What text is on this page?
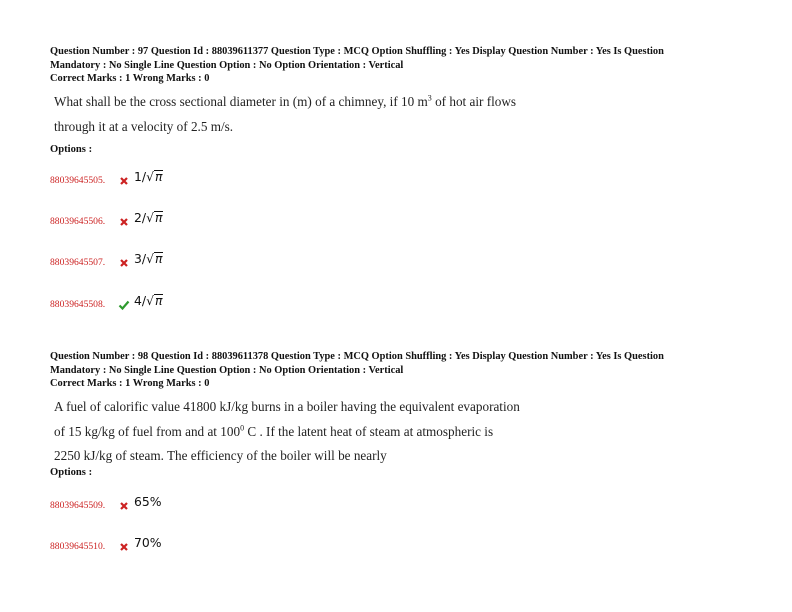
Question Number : 97 Question Id : 88039611377 Question Type : MCQ Option Shuffling : Yes Display Question Number : Yes Is Question
Mandatory : No Single Line Question Option : No Option Orientation : Vertical
Correct Marks : 1 Wrong Marks : 0
What shall be the cross sectional diameter in (m) of a chimney, if 10 $m^3$ of hot air flows
through it at a velocity of 2.5 m/s.
Options :
88039645505. 1/√π
88039645506. 2/√π
88039645507. 3/√π
88039645508. 4/√π
Question Number : 98 Question Id : 88039611378 Question Type : MCQ Option Shuffling : Yes Display Question Number : Yes Is Question
Mandatory : No Single Line Question Option : No Option Orientation : Vertical
Correct Marks : 1 Wrong Marks : 0
A fuel of calorific value 41800 kJ/kg burns in a boiler having the equivalent evaporation
of 15 kg/kg of fuel from and at $100^0$ C . If the latent heat of steam at atmospheric is
2250 kJ/kg of steam. The efficiency of the boiler will be nearly
Options :
88039645509. 65%
88039645510. 70%
